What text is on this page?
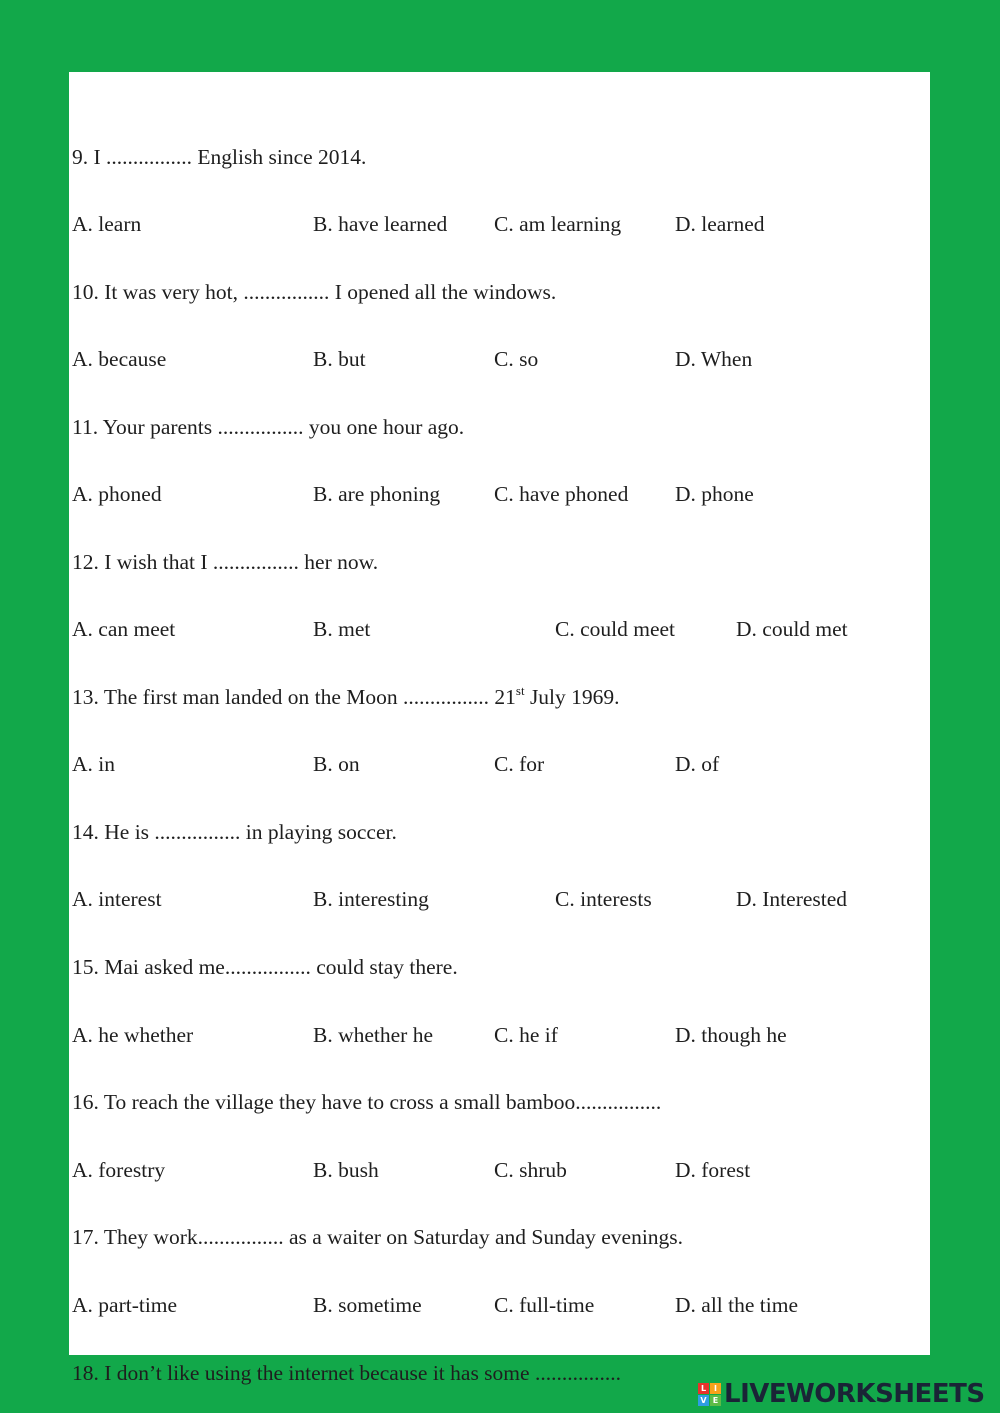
9. I ................ English since 2014.
A. learn	B. have learned C. am learning	D. learned
10. It was very hot, ................ I opened all the windows.
A. because	B. but	C. so	D. When
11. Your parents ................ you one hour ago.
A. phoned	B. are phoning	C. have phoned D. phone
12. I wish that I ................ her now.
A. can meet	B. met	C. could meet	D. could met
13. The first man landed on the Moon ................ 21st July 1969.
A. in	B. on	C. for	D. of
14. He is ................ in playing soccer.
A. interest	B. interesting	C. interests	D. Interested
15. Mai asked me................ could stay there.
A. he whether	B. whether he	C. he if	D. though he
16. To reach the village they have to cross a small bamboo................
A. forestry	B. bush	C. shrub	D. forest
17. They work................ as a waiter on Saturday and Sunday evenings.
A. part-time	B. sometime	C. full-time	D. all the time
18. I don’t like using the internet because it has some ................
L I
V E LIVEWORKSHEETS
